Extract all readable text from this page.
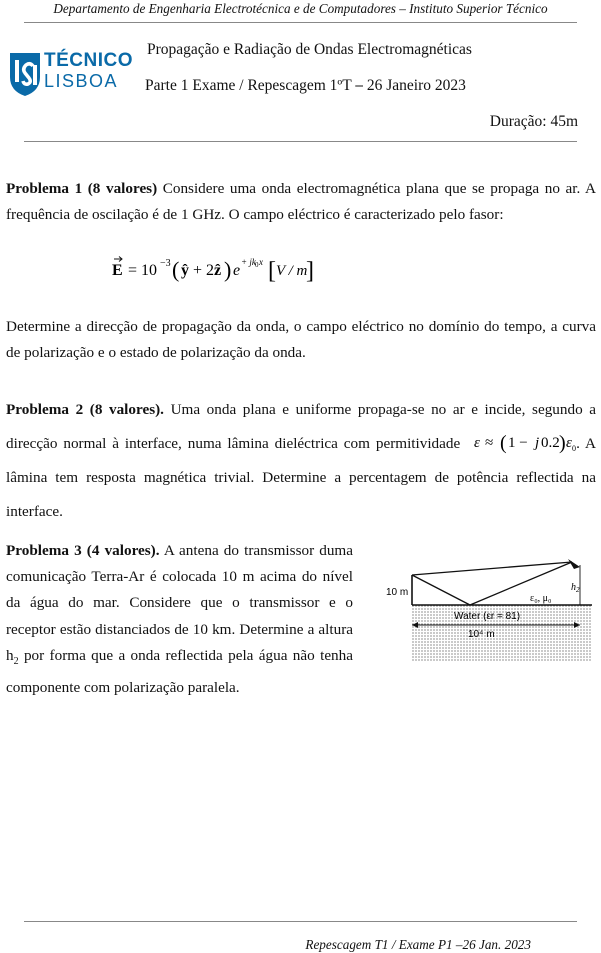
Departamento de Engenharia Electrotécnica e de Computadores – Instituto Superior Técnico
TÉCNICO
LISBOA
Propagação e Radiação de Ondas Electromagnéticas
Parte 1 Exame / Repescagem 1ºT ⎯ 26 Janeiro 2023
Duração: 45m
Problema 1 (8 valores) Considere uma onda electromagnética plana que se propaga no ar. A frequência de oscilação é de 1 GHz. O campo eléctrico é caracterizado pelo fasor:
E = 10 −3 ( ŷ + 2 ẑ ) e + jk 0 x [ V / m
]
Determine a direcção de propagação da onda, o campo eléctrico no domínio do tempo, a curva de polarização e o estado de polarização da onda.
Problema 2 (8 valores). Uma onda plana e uniforme propaga-se no ar e incide, segundo a direcção normal à interface, numa lâmina dieléctrica com permitividade ε ≈ ( 1 − j 0.2 ) ε 0 . A lâmina tem resposta magnética trivial. Determine a percentagem de potência reflectida na interface.
Problema 3 (4 valores). A antena do transmissor duma comunicação Terra-Ar é colocada 10 m acima do nível da água do mar. Considere que o transmissor e o receptor estão distanciados de 10 km. Determine a altura $h_2$ por forma que a onda reflectida pela água não tenha componente com polarização paralela.
10 m	$h_2$
ε₀, μ₀
Water (εr = 81)
10⁴ m
Repescagem T1 / Exame P1 –26 Jan. 2023
